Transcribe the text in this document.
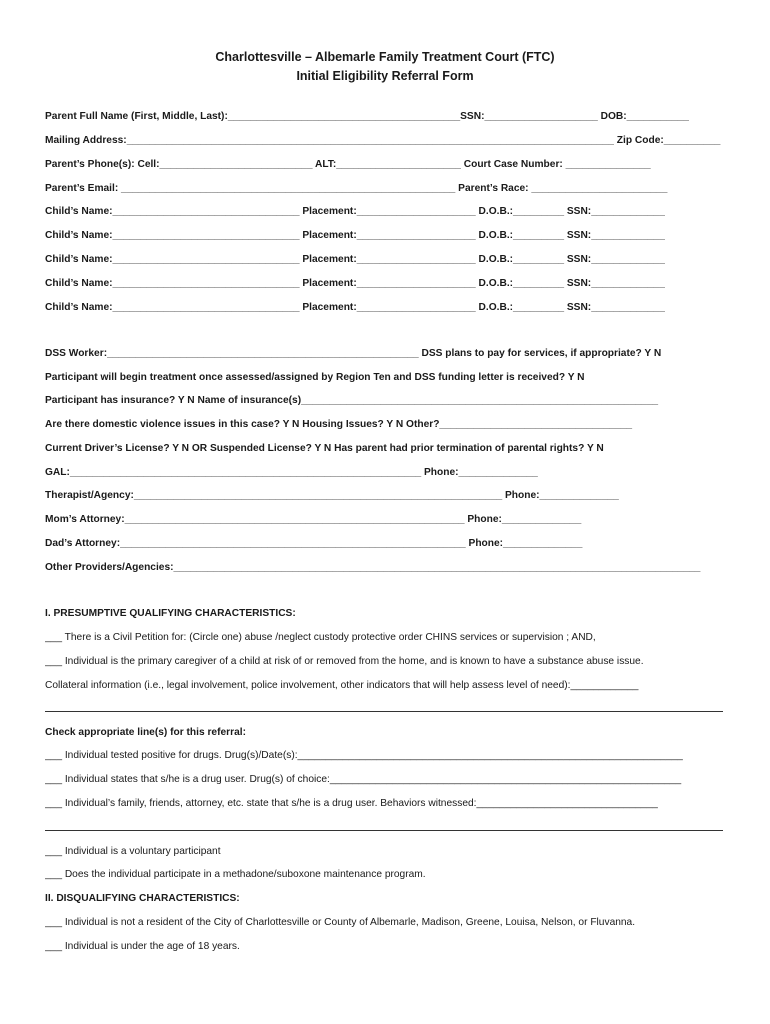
Charlottesville – Albemarle Family Treatment Court (FTC)
Initial Eligibility Referral Form
Parent Full Name (First, Middle, Last):_________________________________________SSN:____________________ DOB:___________
Mailing Address:______________________________________________________________________________________ Zip Code:__________
Parent’s Phone(s): Cell:___________________________ ALT:______________________ Court Case Number: _______________
Parent’s Email: ___________________________________________________________ Parent’s Race: ________________________
Child’s Name:_________________________________ Placement:_____________________ D.O.B.:_________ SSN:_____________
Child’s Name:_________________________________ Placement:_____________________ D.O.B.:_________ SSN:_____________
Child’s Name:_________________________________ Placement:_____________________ D.O.B.:_________ SSN:_____________
Child’s Name:_________________________________ Placement:_____________________ D.O.B.:_________ SSN:_____________
Child’s Name:_________________________________ Placement:_____________________ D.O.B.:_________ SSN:_____________
DSS Worker:_______________________________________________________ DSS plans to pay for services, if appropriate? Y N
Participant will begin treatment once assessed/assigned by Region Ten and DSS funding letter is received? Y N
Participant has insurance? Y N Name of insurance(s)_______________________________________________________________
Are there domestic violence issues in this case? Y N Housing Issues? Y N Other?__________________________________
Current Driver’s License? Y N OR Suspended License? Y N Has parent had prior termination of parental rights? Y N
GAL:______________________________________________________________ Phone:______________
Therapist/Agency:_________________________________________________________________ Phone:______________
Mom’s Attorney:____________________________________________________________ Phone:______________
Dad’s Attorney:_____________________________________________________________ Phone:______________
Other Providers/Agencies:_____________________________________________________________________________________________
I. PRESUMPTIVE QUALIFYING CHARACTERISTICS:
___ There is a Civil Petition for: (Circle one) abuse /neglect custody protective order CHINS services or supervision ; AND,
___ Individual is the primary caregiver of a child at risk of or removed from the home, and is known to have a substance abuse issue.
Collateral information (i.e., legal involvement, police involvement, other indicators that will help assess level of need):____________
Check appropriate line(s) for this referral:
___ Individual tested positive for drugs. Drug(s)/Date(s):____________________________________________________________________
___ Individual states that s/he is a drug user. Drug(s) of choice:______________________________________________________________
___ Individual’s family, friends, attorney, etc. state that s/he is a drug user. Behaviors witnessed:________________________________
___ Individual is a voluntary participant
___ Does the individual participate in a methadone/suboxone maintenance program.
II. DISQUALIFYING CHARACTERISTICS:
___ Individual is not a resident of the City of Charlottesville or County of Albemarle, Madison, Greene, Louisa, Nelson, or Fluvanna.
___ Individual is under the age of 18 years.
